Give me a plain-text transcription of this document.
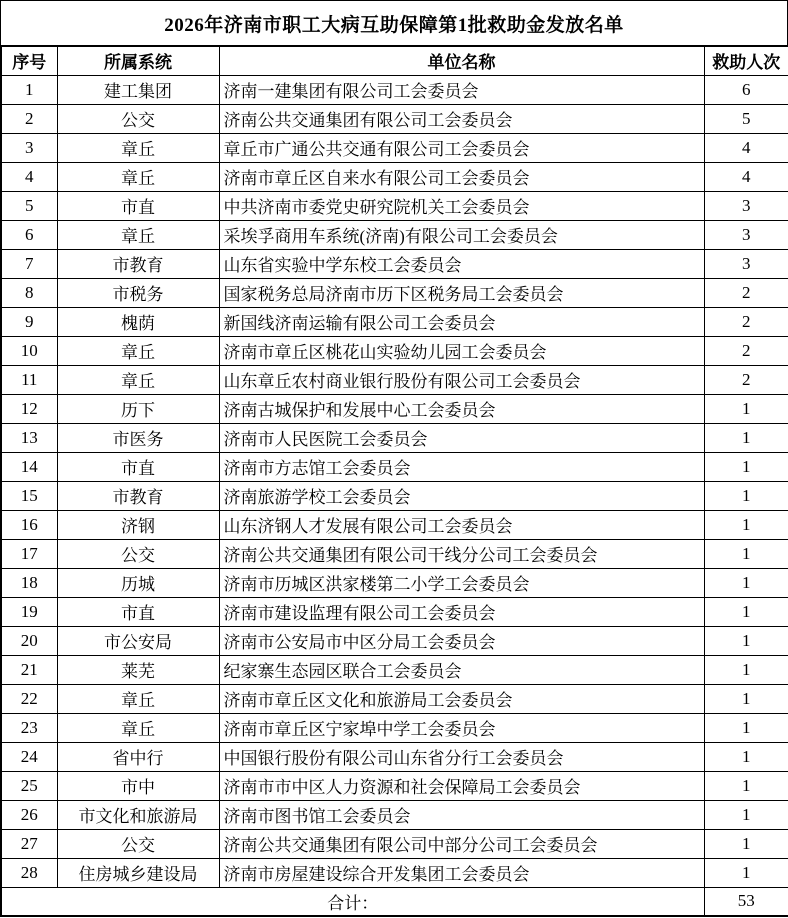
2026年济南市职工大病互助保障第1批救助金发放名单
序号	所属系统	单位名称	救助人次
1	建工集团	济南一建集团有限公司工会委员会	6
2	公交	济南公共交通集团有限公司工会委员会	5
3	章丘	章丘市广通公共交通有限公司工会委员会	4
4	章丘	济南市章丘区自来水有限公司工会委员会	4
5	市直	中共济南市委党史研究院机关工会委员会	3
6	章丘	采埃孚商用车系统(济南)有限公司工会委员会	3
7	市教育	山东省实验中学东校工会委员会	3
8	市税务	国家税务总局济南市历下区税务局工会委员会	2
9	槐荫	新国线济南运输有限公司工会委员会	2
10	章丘	济南市章丘区桃花山实验幼儿园工会委员会	2
11	章丘	山东章丘农村商业银行股份有限公司工会委员会	2
12	历下	济南古城保护和发展中心工会委员会	1
13	市医务	济南市人民医院工会委员会	1
14	市直	济南市方志馆工会委员会	1
15	市教育	济南旅游学校工会委员会	1
16	济钢	山东济钢人才发展有限公司工会委员会	1
17	公交	济南公共交通集团有限公司干线分公司工会委员会	1
18	历城	济南市历城区洪家楼第二小学工会委员会	1
19	市直	济南市建设监理有限公司工会委员会	1
20	市公安局	济南市公安局市中区分局工会委员会	1
21	莱芜	纪家寨生态园区联合工会委员会	1
22	章丘	济南市章丘区文化和旅游局工会委员会	1
23	章丘	济南市章丘区宁家埠中学工会委员会	1
24	省中行	中国银行股份有限公司山东省分行工会委员会	1
25	市中	济南市市中区人力资源和社会保障局工会委员会	1
26	市文化和旅游局	济南市图书馆工会委员会	1
27	公交	济南公共交通集团有限公司中部分公司工会委员会	1
28	住房城乡建设局	济南市房屋建设综合开发集团工会委员会	1
合计：			53
